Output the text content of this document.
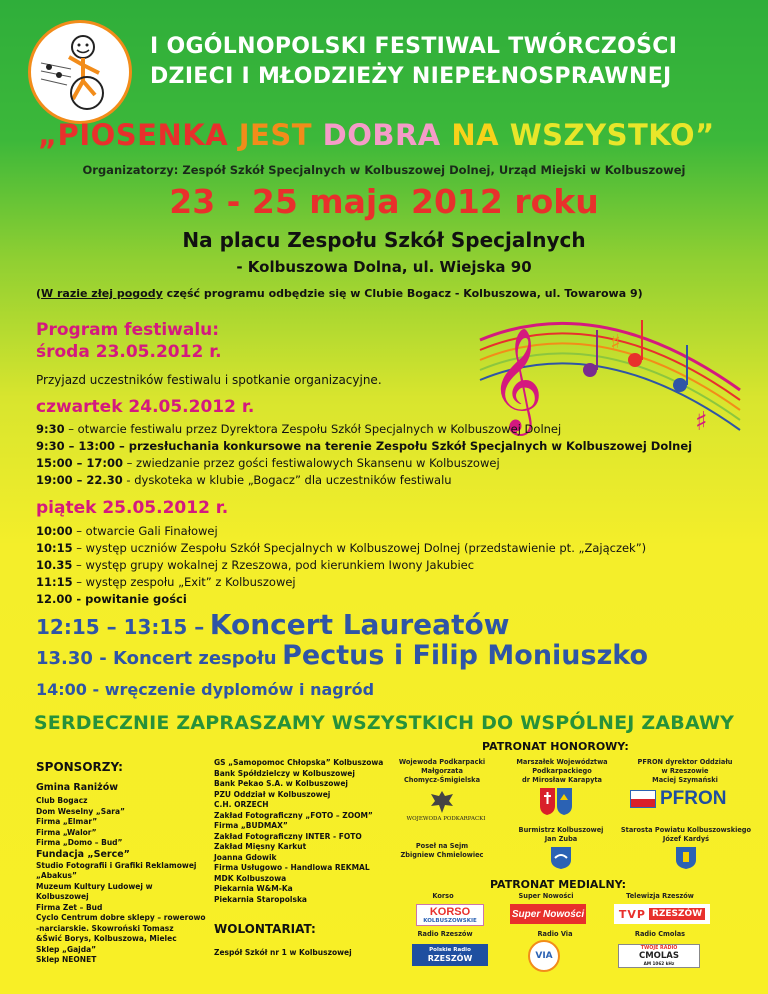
I OGÓLNOPOLSKI FESTIWAL TWÓRCZOŚCI
DZIECI I MŁODZIEŻY NIEPEŁNOSPRAWNEJ
„PIOSENKA JEST DOBRA NA WSZYSTKO”
Organizatorzy: Zespół Szkół Specjalnych w Kolbuszowej Dolnej, Urząd Miejski w Kolbuszowej
23 - 25 maja 2012 roku
Na placu Zespołu Szkół Specjalnych
- Kolbuszowa Dolna, ul. Wiejska 90
(W razie złej pogody część programu odbędzie się w Clubie Bogacz - Kolbuszowa, ul. Towarowa 9)
𝄞	♯
♯
Program festiwalu:
środa 23.05.2012 r.
Przyjazd uczestników festiwalu i spotkanie organizacyjne.
czwartek 24.05.2012 r.
9:30 – otwarcie festiwalu przez Dyrektora Zespołu Szkół Specjalnych w Kolbuszowej Dolnej
9:30 – 13:00 – przesłuchania konkursowe na terenie Zespołu Szkół Specjalnych w Kolbuszowej Dolnej
15:00 – 17:00 – zwiedzanie przez gości festiwalowych Skansenu w Kolbuszowej
19:00 – 22.30 - dyskoteka w klubie „Bogacz” dla uczestników festiwalu
piątek 25.05.2012 r.
10:00 – otwarcie Gali Finałowej
10:15 – występ uczniów Zespołu Szkół Specjalnych w Kolbuszowej Dolnej (przedstawienie pt. „Zajączek”)
10.35 – występ grupy wokalnej z Rzeszowa, pod kierunkiem Iwony Jakubiec
11:15 – występ zespołu „Exit” z Kolbuszowej
12.00 - powitanie gości
12:15 – 13:15 – Koncert Laureatów
13.30 - Koncert zespołu Pectus i Filip Moniuszko
14:00 - wręczenie dyplomów i nagród
SERDECZNIE ZAPRASZAMY WSZYSTKICH DO WSPÓLNEJ ZABAWY
SPONSORZY:
Gmina Raniżów
Club Bogacz
Dom Weselny „Sara”
Firma „Elmar”
Firma „Walor”
Firma „Domo – Bud”
Fundacja „Serce”
Studio Fotografii i Grafiki Reklamowej
„Abakus”
Muzeum Kultury Ludowej w Kolbuszowej
Firma Zet – Bud
Cyclo Centrum dobre sklepy – rowerowo
-narciarskie. Skowroński Tomasz
&Świć Borys, Kolbuszowa, Mielec
Sklep „Gajda”
Sklep NEONET
GS „Samopomoc Chłopska” Kolbuszowa
Bank Spółdzielczy w Kolbuszowej
Bank Pekao S.A. w Kolbuszowej
PZU Oddział w Kolbuszowej
C.H. ORZECH
Zakład Fotograficzny „FOTO – ZOOM”
Firma „BUDMAX”
Zakład Fotograficzny INTER - FOTO
Zakład Mięsny Karkut
Joanna Gdowik
Firma Usługowo - Handlowa REKMAL
MDK Kolbuszowa
Piekarnia W&M-Ka
Piekarnia Staropolska
WOLONTARIAT:
Zespół Szkół nr 1 w Kolbuszowej
PATRONAT HONOROWY:
Wojewoda Podkarpacki
Małgorzata
Chomycz-Śmigielska
Marszałek Województwa
Podkarpackiego
dr Mirosław Karapyta
PFRON dyrektor Oddziału
w Rzeszowie
Maciej Szymański
WOJEWODA PODKARPACKI
PFRON
Burmistrz Kolbuszowej
Jan Zuba
Starosta Powiatu Kolbuszowskiego
Józef Kardyś
Poseł na Sejm
Zbigniew Chmielowiec
PATRONAT MEDIALNY:
Korso	Super Nowości	Telewizja Rzeszów
KORSO
KOLBUSZOWSKIE
Super Nowości	TVP RZESZÓW
Radio Rzeszów	Radio Via	Radio Cmolas
Polskie Radio
RZESZÓW	VIA
TWOJE RADIO
CMOLAS
AM 1062 kHz
